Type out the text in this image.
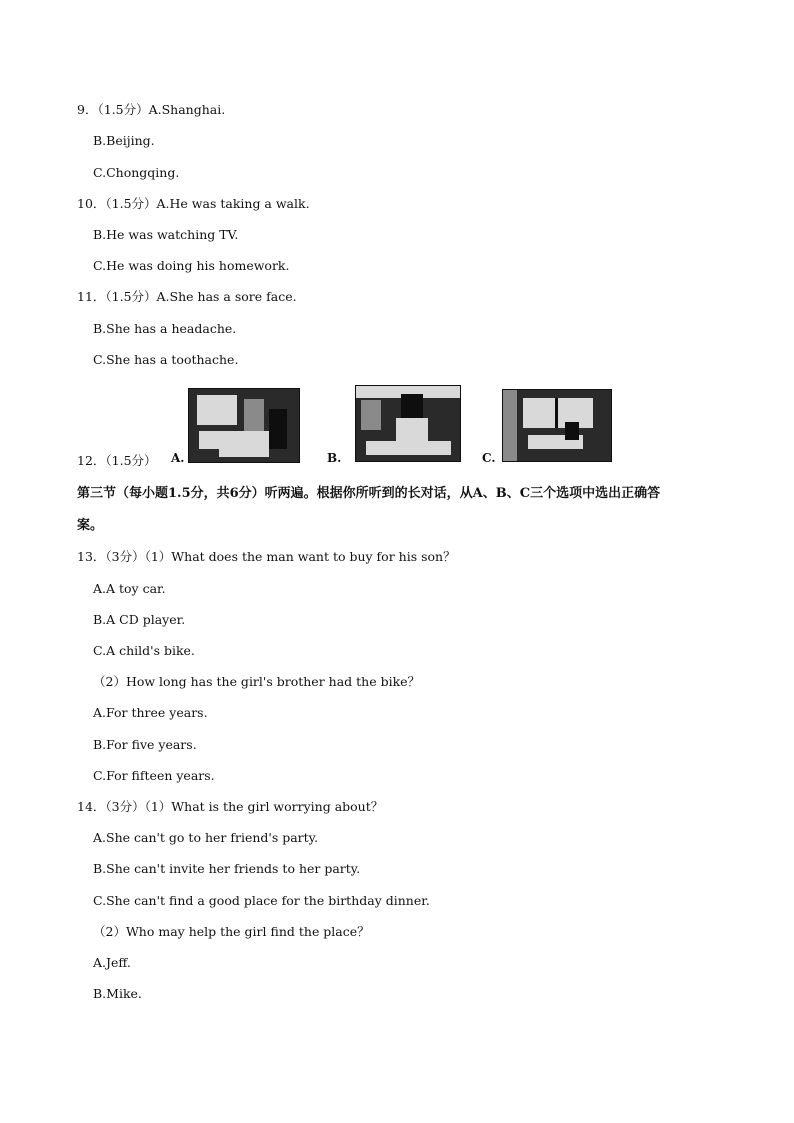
9．（1.5分）A.Shanghai.
B.Beijing.
C.Chongqing.
10．（1.5分）A.He was taking a walk.
B.He was watching TV.
C.He was doing his homework.
11．（1.5分）A.She has a sore face.
B.She has a headache.
C.She has a toothache.
12．（1.5分） A.	B.	C.
第三节（每小题1.5分，共6分）听两遍。根据你所听到的长对话，从A、B、C三个选项中选出正确答
案。
13．（3分）（1）What does the man want to buy for his son？
A.A toy car.
B.A CD player.
C.A child's bike.
（2）How long has the girl's brother had the bike？
A.For three years.
B.For five years.
C.For fifteen years.
14．（3分）（1）What is the girl worrying about？
A.She can't go to her friend's party.
B.She can't invite her friends to her party.
C.She can't find a good place for the birthday dinner.
（2）Who may help the girl find the place？
A.Jeff.
B.Mike.
